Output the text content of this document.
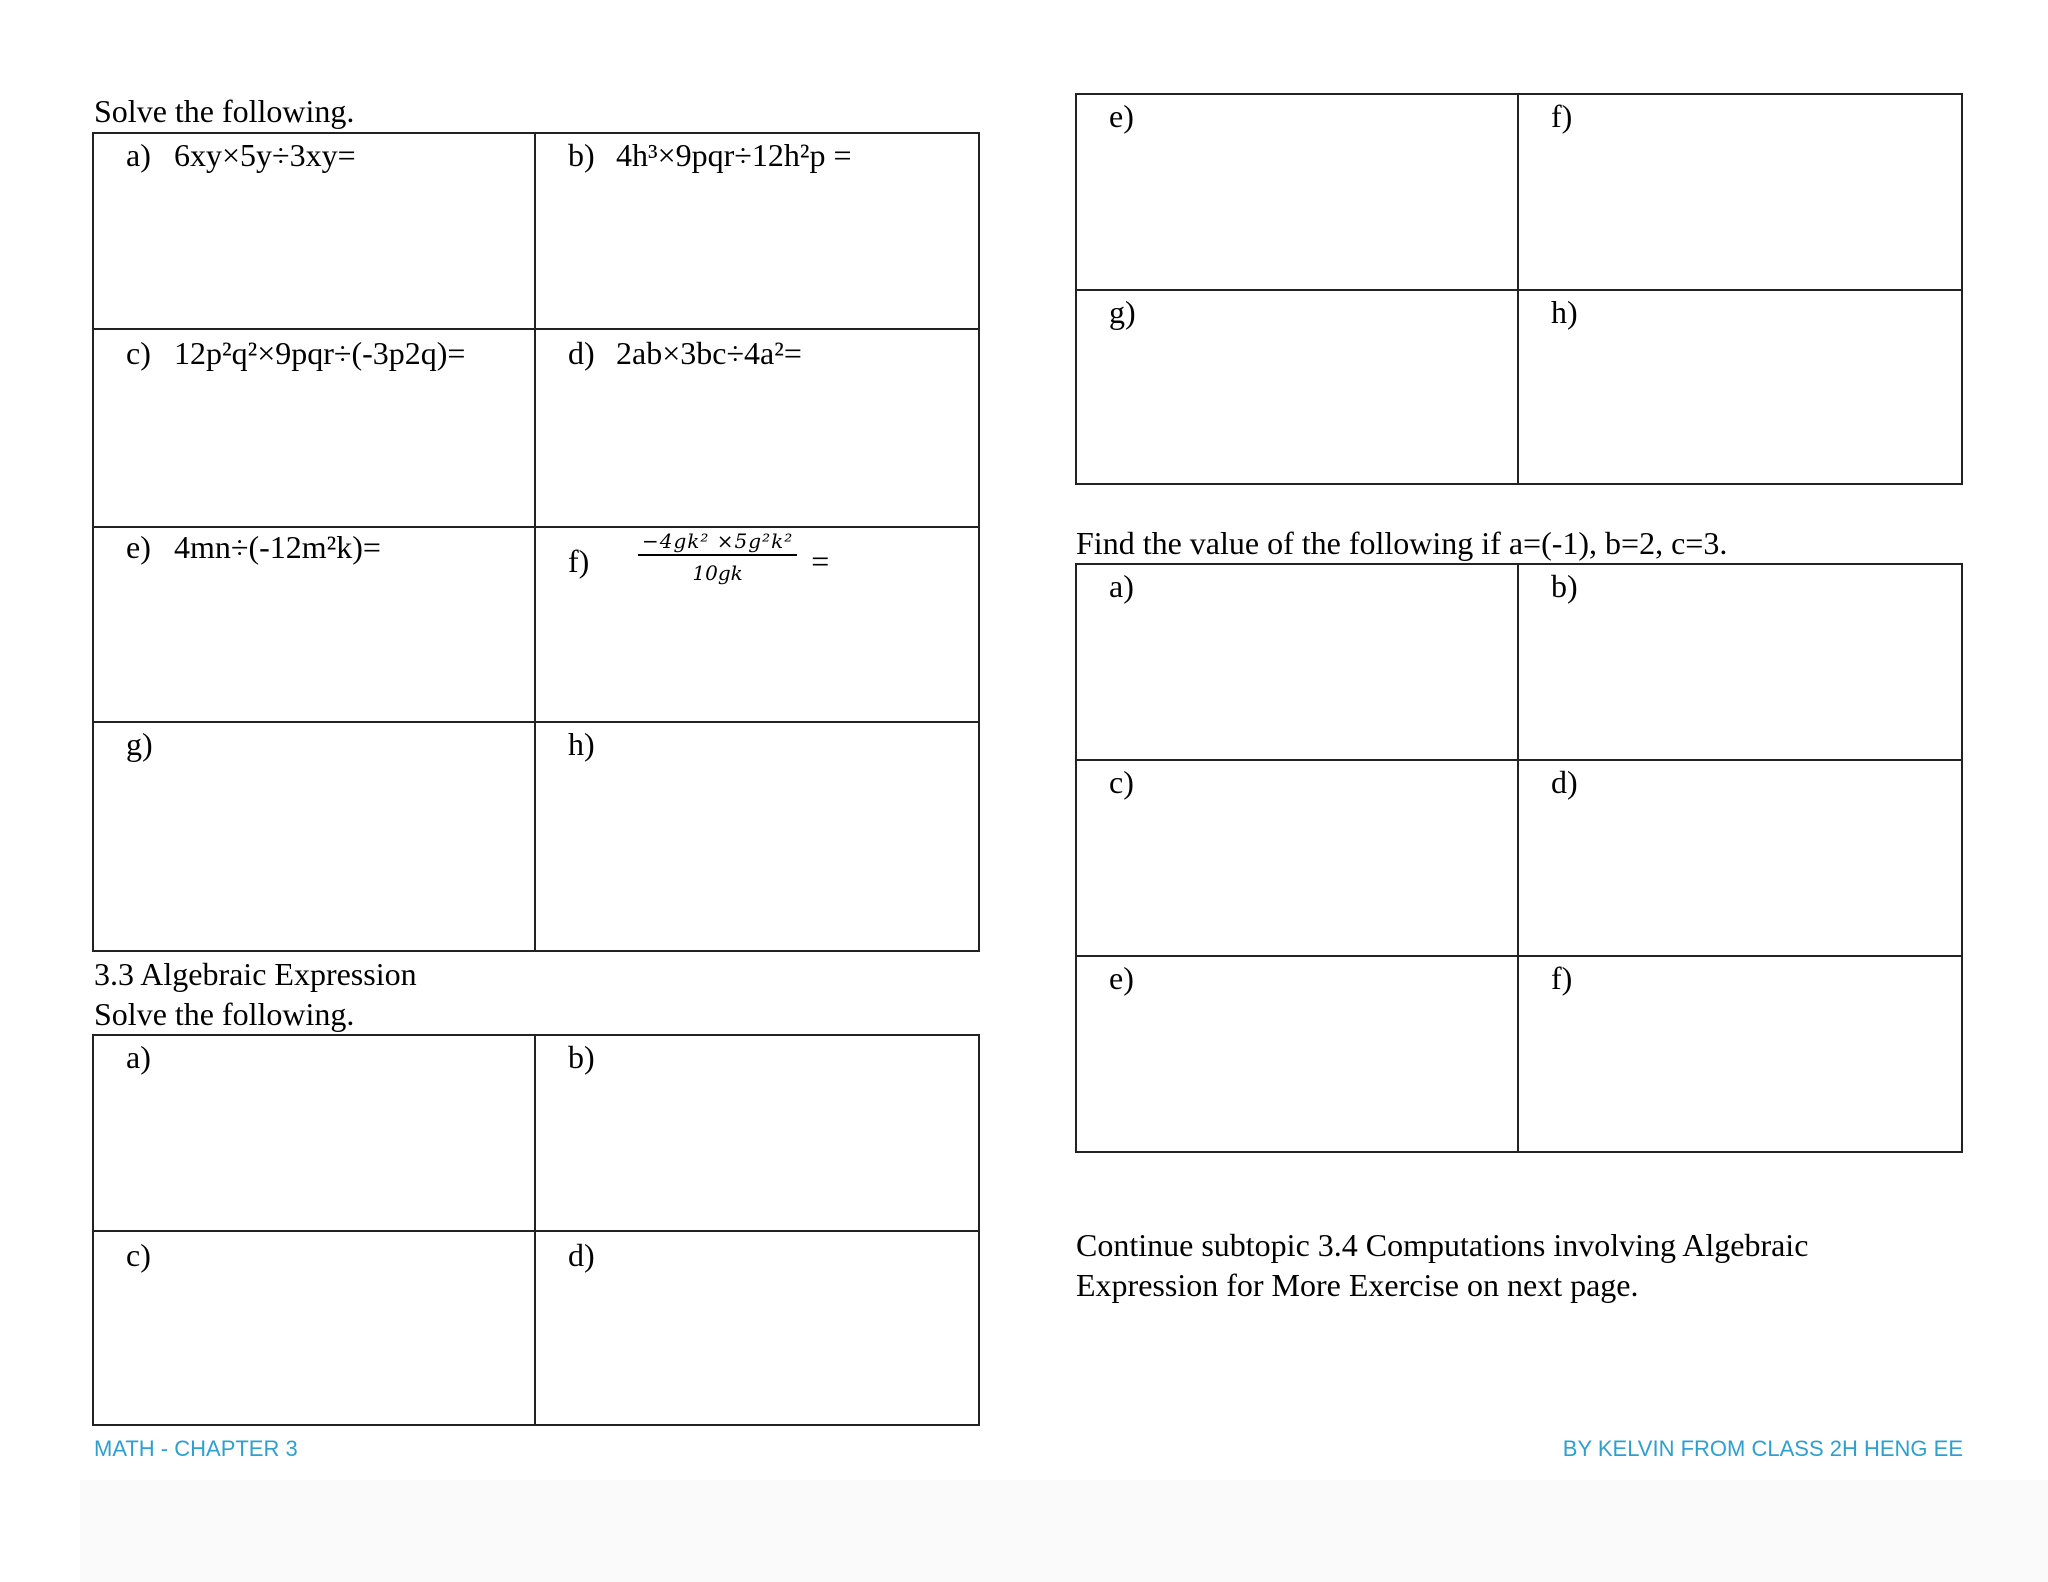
Solve the following.
a) 6xy×5y÷3xy=	b) 4h³×9pqr÷12h²p =
c) 12p²q²×9pqr÷(-3p2q)=	d) 2ab×3bc÷4a²=
e) 4mn÷(-12m²k)=	f)	$\frac{\text{−4gk² ×5g²k²}}{10gk}$ =
g)	h)
3.3 Algebraic Expression
Solve the following.
a)	b)
c)	d)
MATH - CHAPTER 3
e)	f)
g)	h)
Find the value of the following if a=(-1), b=2, c=3.
a)	b)
c)	d)
e)	f)
Continue subtopic 3.4 Computations involving Algebraic
Expression for More Exercise on next page.
BY KELVIN FROM CLASS 2H HENG EE
